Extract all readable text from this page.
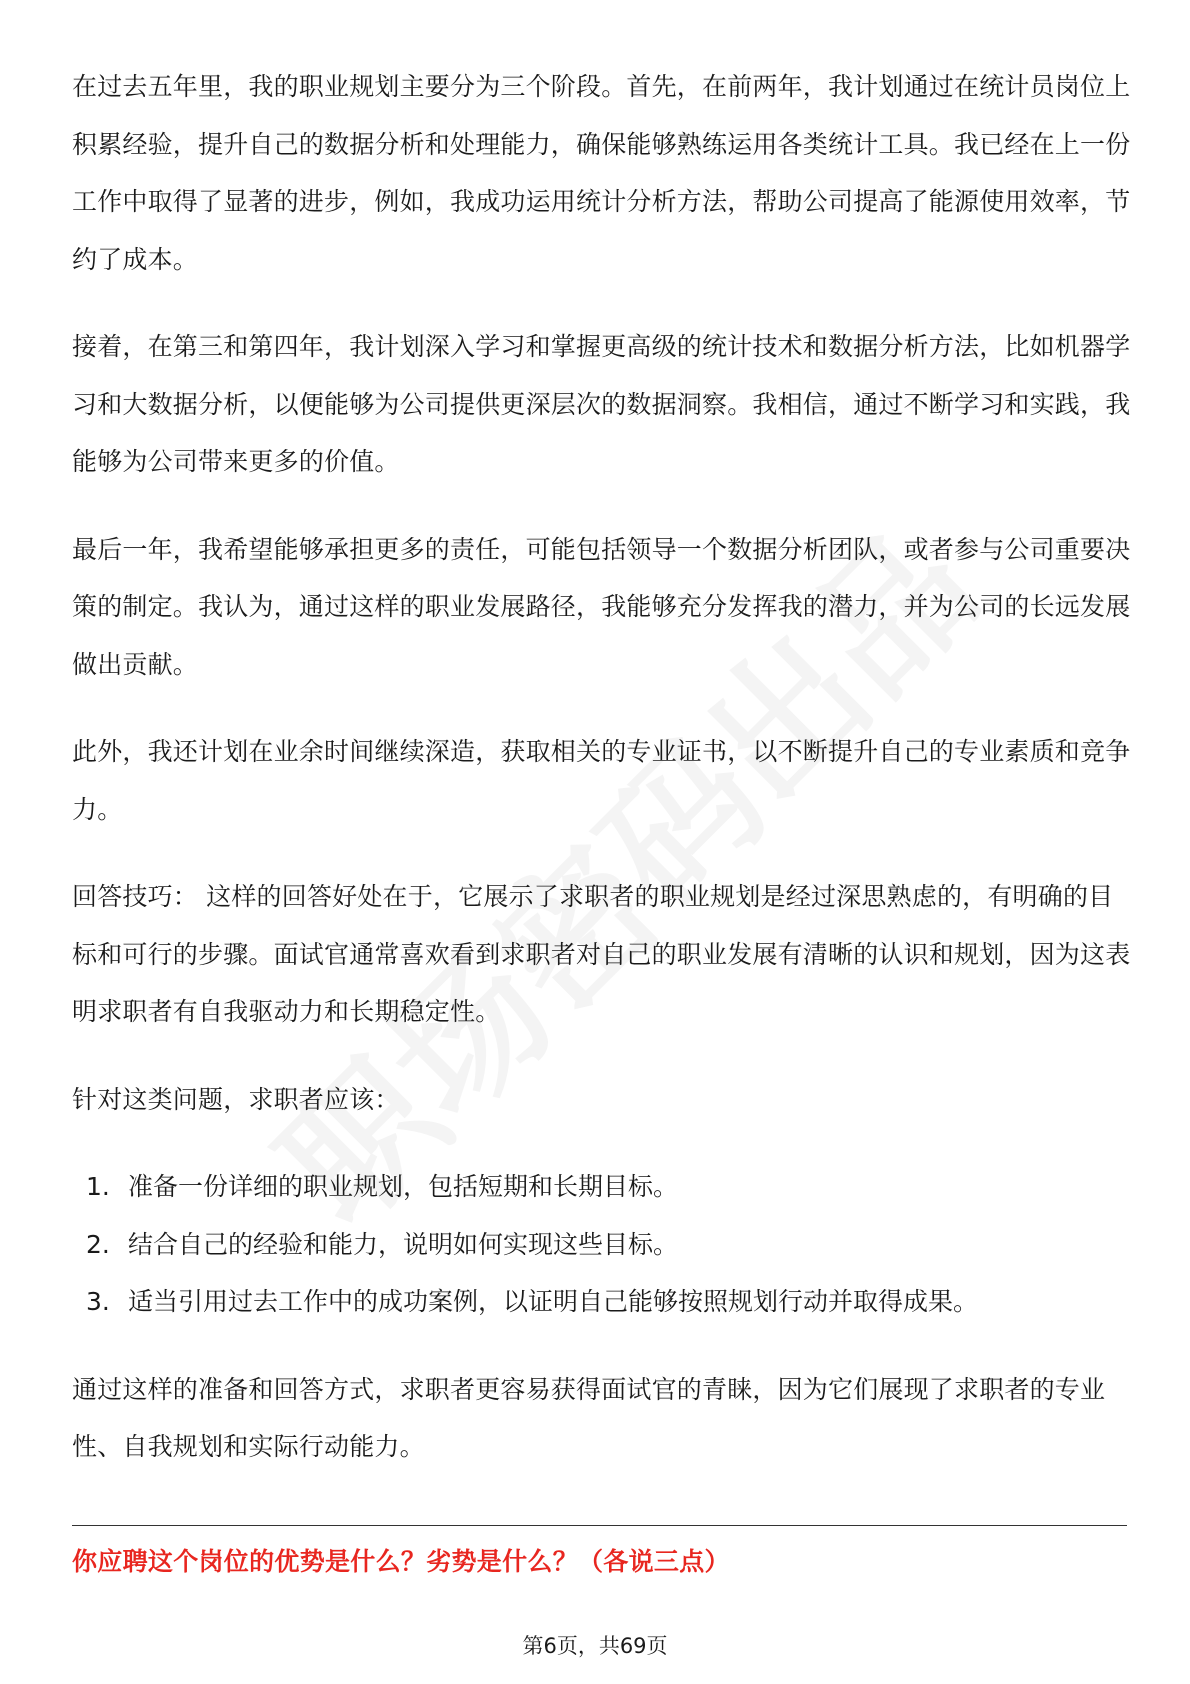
在过去五年里，我的职业规划主要分为三个阶段。首先，在前两年，我计划通过在统计员岗位上积累经验，提升自己的数据分析和处理能力，确保能够熟练运用各类统计工具。我已经在上一份工作中取得了显著的进步，例如，我成功运用统计分析方法，帮助公司提高了能源使用效率，节约了成本。

接着，在第三和第四年，我计划深入学习和掌握更高级的统计技术和数据分析方法，比如机器学习和大数据分析，以便能够为公司提供更深层次的数据洞察。我相信，通过不断学习和实践，我能够为公司带来更多的价值。

最后一年，我希望能够承担更多的责任，可能包括领导一个数据分析团队，或者参与公司重要决策的制定。我认为，通过这样的职业发展路径，我能够充分发挥我的潜力，并为公司的长远发展做出贡献。

此外，我还计划在业余时间继续深造，获取相关的专业证书，以不断提升自己的专业素质和竞争力。

回答技巧： 这样的回答好处在于，它展示了求职者的职业规划是经过深思熟虑的，有明确的目标和可行的步骤。面试官通常喜欢看到求职者对自己的职业发展有清晰的认识和规划，因为这表明求职者有自我驱动力和长期稳定性。

针对这类问题，求职者应该：

1. 准备一份详细的职业规划，包括短期和长期目标。
2. 结合自己的经验和能力，说明如何实现这些目标。
3. 适当引用过去工作中的成功案例，以证明自己能够按照规划行动并取得成果。

通过这样的准备和回答方式，求职者更容易获得面试官的青睐，因为它们展现了求职者的专业性、自我规划和实际行动能力。

你应聘这个岗位的优势是什么？劣势是什么？（各说三点）
第6页，共69页
